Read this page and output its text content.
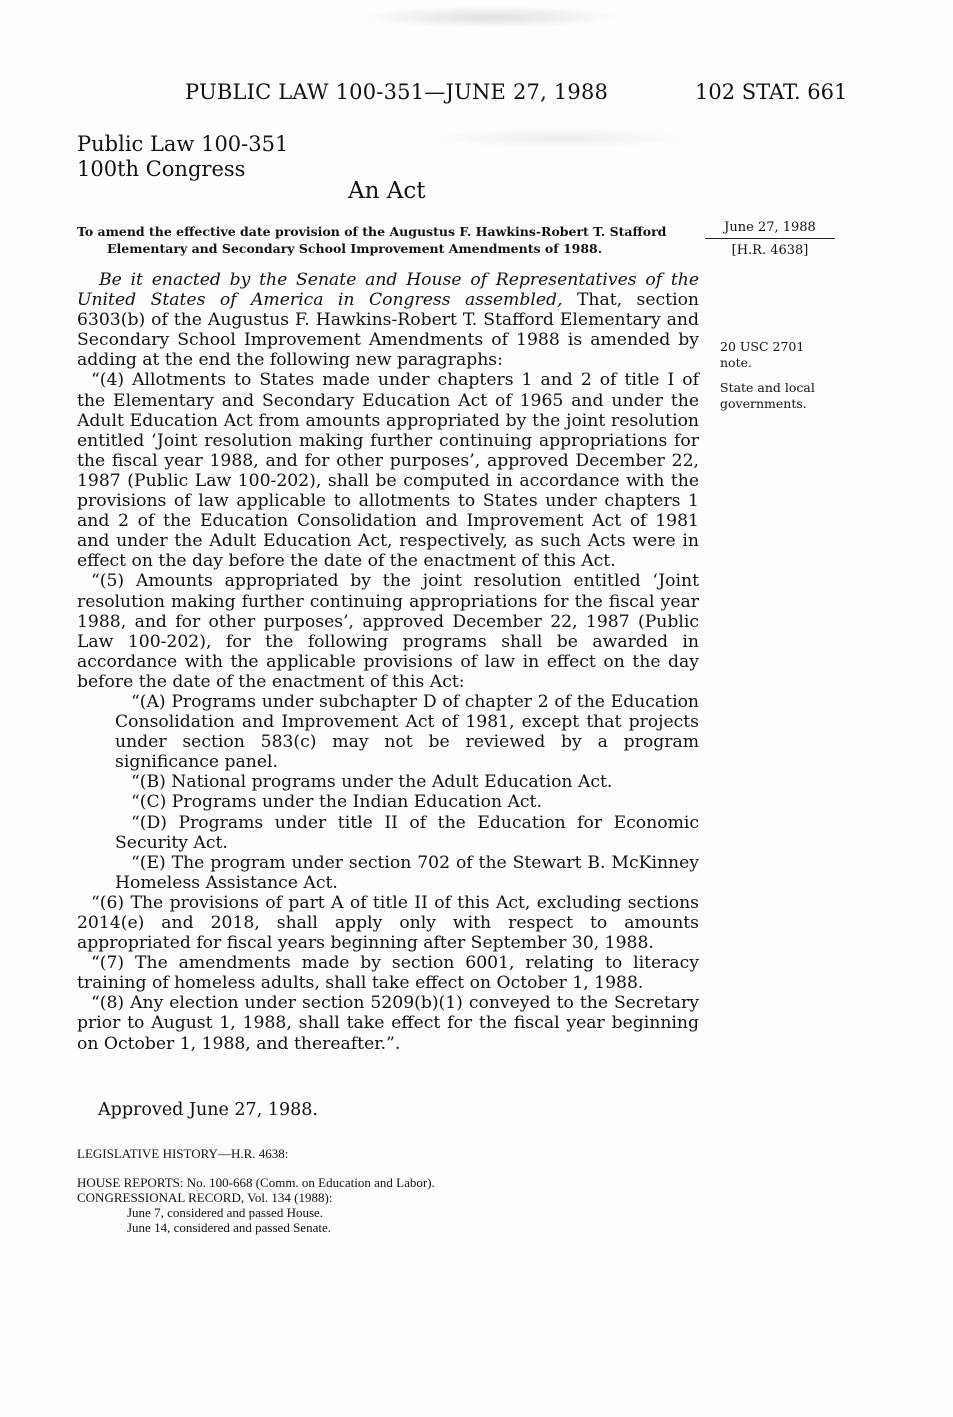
PUBLIC LAW 100-351—JUNE 27, 1988	102 STAT. 661
Public Law 100-351
100th Congress
An Act
To amend the effective date provision of the Augustus F. Hawkins-Robert T. Stafford
Elementary and Secondary School Improvement Amendments of 1988.
June 27, 1988
[H.R. 4638]

Be it enacted by the Senate and House of Representatives of the United States of America in Congress assembled, That, section 6303(b) of the Augustus F. Hawkins-Robert T. Stafford Elementary and Secondary School Improvement Amendments of 1988 is amended by adding at the end the following new paragraphs:

“(4) Allotments to States made under chapters 1 and 2 of title I of the Elementary and Secondary Education Act of 1965 and under the Adult Education Act from amounts appropriated by the joint resolution entitled ‘Joint resolution making further continuing appropriations for the fiscal year 1988, and for other purposes’, approved December 22, 1987 (Public Law 100-202), shall be computed in accordance with the provisions of law applicable to allotments to States under chapters 1 and 2 of the Education Consolidation and Improvement Act of 1981 and under the Adult Education Act, respectively, as such Acts were in effect on the day before the date of the enactment of this Act.

“(5) Amounts appropriated by the joint resolution entitled ‘Joint resolution making further continuing appropriations for the fiscal year 1988, and for other purposes’, approved December 22, 1987 (Public Law 100-202), for the following programs shall be awarded in accordance with the applicable provisions of law in effect on the day before the date of the enactment of this Act:

“(A) Programs under subchapter D of chapter 2 of the Education Consolidation and Improvement Act of 1981, except that projects under section 583(c) may not be reviewed by a program significance panel.

“(B) National programs under the Adult Education Act.

“(C) Programs under the Indian Education Act.

“(D) Programs under title II of the Education for Economic Security Act.

“(E) The program under section 702 of the Stewart B. McKinney Homeless Assistance Act.

“(6) The provisions of part A of title II of this Act, excluding sections 2014(e) and 2018, shall apply only with respect to amounts appropriated for fiscal years beginning after September 30, 1988.

“(7) The amendments made by section 6001, relating to literacy training of homeless adults, shall take effect on October 1, 1988.

“(8) Any election under section 5209(b)(1) conveyed to the Secretary prior to August 1, 1988, shall take effect for the fiscal year beginning on October 1, 1988, and thereafter.”.

20 USC 2701 note.
State and local governments.
Approved June 27, 1988.
LEGISLATIVE HISTORY—H.R. 4638:
HOUSE REPORTS: No. 100-668 (Comm. on Education and Labor).
CONGRESSIONAL RECORD, Vol. 134 (1988):
June 7, considered and passed House.
June 14, considered and passed Senate.
